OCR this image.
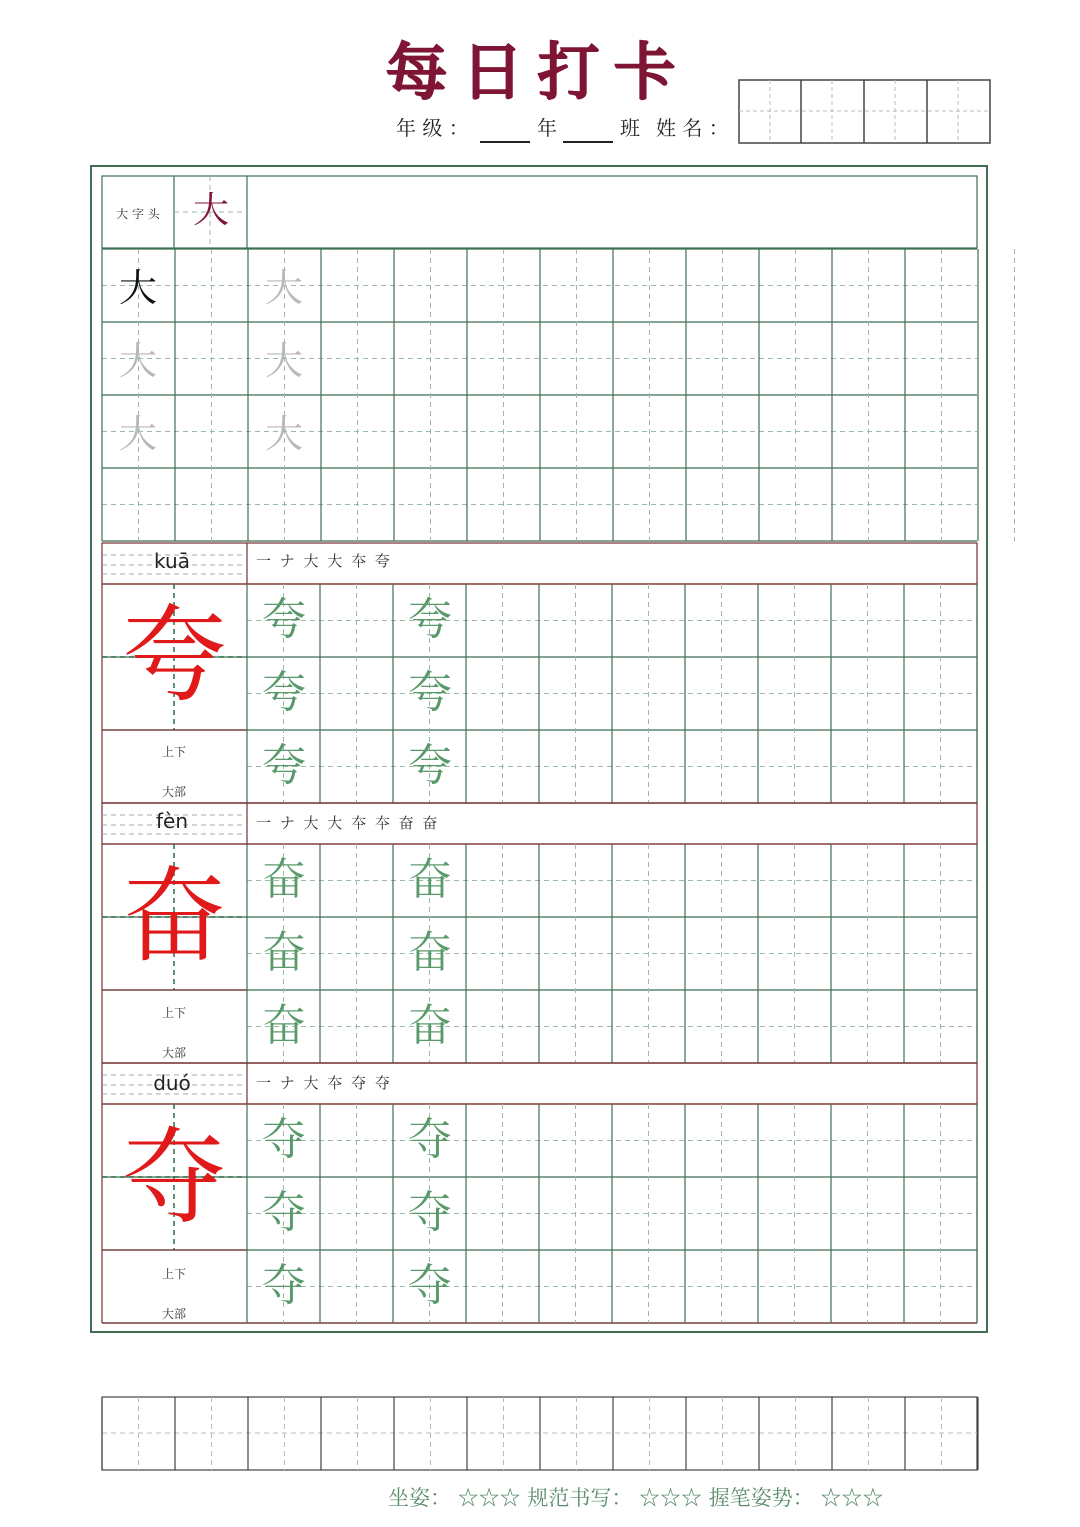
每日打卡
年 级 ：	年	班 姓 名 ：
大 字 头 大
大	大
大	大
大	大
kuā	一 ナ 大 大 夲 夸
夸
上下
大部
fèn	一 ナ 大 大 夲 夲 奋 奋
奋
上下
大部
duó	一 ナ 大 夲 夺 夺
夺
上下
大部
夸	夸
夸	夸
夸	夸
奋	奋
奋	奋
奋	奋
夺	夺
夺	夺
夺	夺
坐姿： ☆☆☆ 规范书写： ☆☆☆ 握笔姿势： ☆☆☆
